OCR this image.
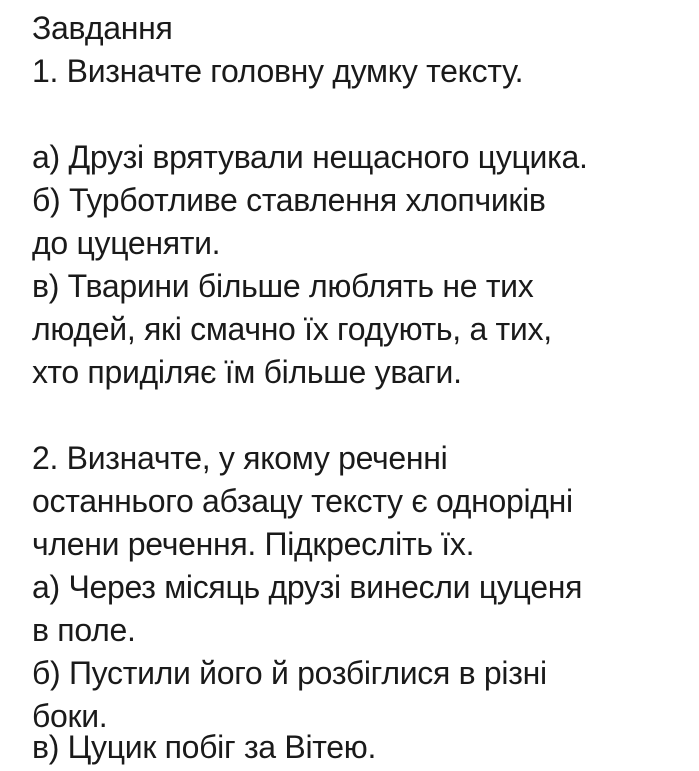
Завдання
1. Визначте головну думку тексту.
а) Друзі врятували нещасного цуцика.
б) Турботливе ставлення хлопчиків
до цуценяти.
в) Тварини більше люблять не тих
людей, які смачно їх годують, а тих,
хто приділяє їм більше уваги.
2. Визначте, у якому реченні
останнього абзацу тексту є однорідні
члени речення. Підкресліть їх.
а) Через місяць друзі винесли цуценя
в поле.
б) Пустили його й розбіглися в різні
боки.
в) Цуцик побіг за Вітею.
